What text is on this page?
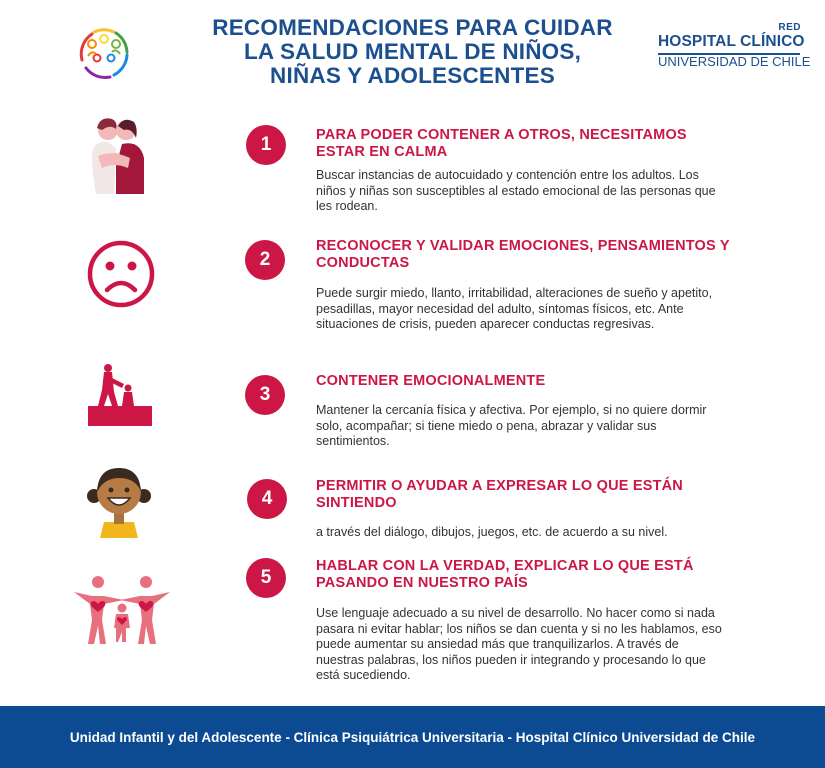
RECOMENDACIONES PARA CUIDAR
LA SALUD MENTAL DE NIÑOS,
NIÑAS Y ADOLESCENTES
RED
HOSPITAL CLÍNICO
UNIVERSIDAD DE CHILE
1	PARA PODER CONTENER A OTROS, NECESITAMOS ESTAR EN CALMA
Buscar instancias de autocuidado y contención entre los adultos. Los niños y niñas son susceptibles al estado emocional de las personas que les rodean.
2
RECONOCER Y VALIDAR EMOCIONES, PENSAMIENTOS Y CONDUCTAS
Puede surgir miedo, llanto, irritabilidad, alteraciones de sueño y apetito, pesadillas, mayor necesidad del adulto, síntomas físicos, etc. Ante situaciones de crisis, pueden aparecer conductas regresivas.
3
CONTENER EMOCIONALMENTE
Mantener la cercanía física y afectiva. Por ejemplo, si no quiere dormir solo, acompañar; si tiene miedo o pena, abrazar y validar sus sentimientos.
4
PERMITIR O AYUDAR A EXPRESAR LO QUE ESTÁN SINTIENDO
a través del diálogo, dibujos, juegos, etc. de acuerdo a su nivel.
5
HABLAR CON LA VERDAD, EXPLICAR LO QUE ESTÁ PASANDO EN NUESTRO PAÍS
Use lenguaje adecuado a su nivel de desarrollo. No hacer como si nada pasara ni evitar hablar; los niños se dan cuenta y si no les hablamos, eso puede aumentar su ansiedad más que tranquilizarlos. A través de nuestras palabras, los niños pueden ir integrando y procesando lo que está sucediendo.
Unidad Infantil y del Adolescente - Clínica Psiquiátrica Universitaria - Hospital Clínico Universidad de Chile
